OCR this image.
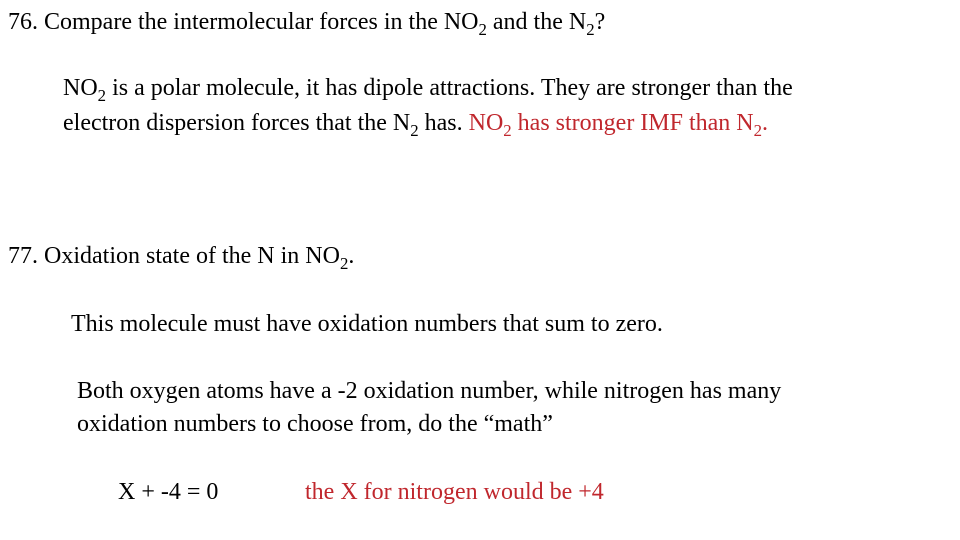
76. Compare the intermolecular forces in the $NO_2$ and the $N_2$?
$NO_2$ is a polar molecule, it has dipole attractions. They are stronger than the
electron dispersion forces that the $N_2$ has. $NO_2$ has stronger IMF than $N_2$.
77. Oxidation state of the N in $NO_2$.
This molecule must have oxidation numbers that sum to zero.
Both oxygen atoms have a -2 oxidation number, while nitrogen has many
oxidation numbers to choose from, do the “math”
X + -4 = 0	the X for nitrogen would be +4
